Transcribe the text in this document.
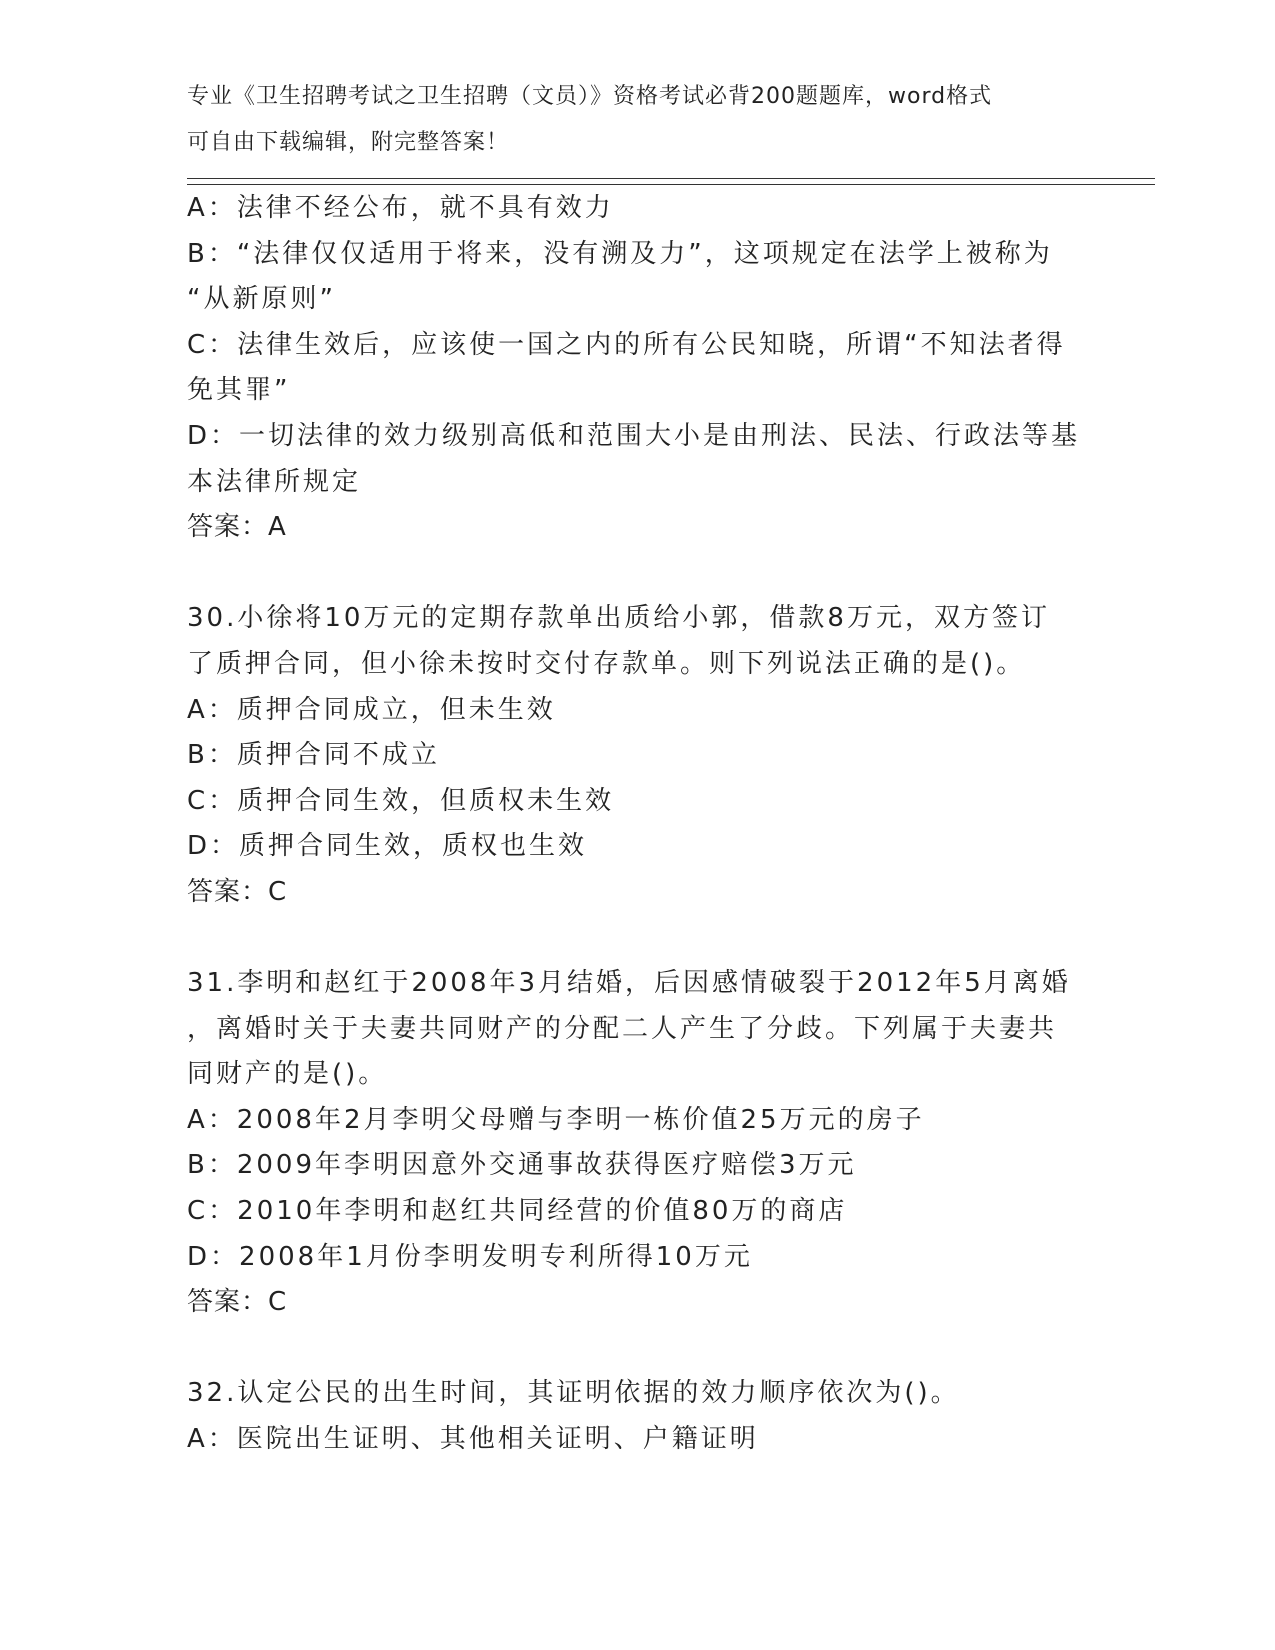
专业《卫生招聘考试之卫生招聘（文员）》资格考试必背200题题库，word格式
可自由下载编辑，附完整答案！
A：法律不经公布，就不具有效力
B：“法律仅仅适用于将来，没有溯及力”，这项规定在法学上被称为
“从新原则”
C：法律生效后，应该使一国之内的所有公民知晓，所谓“不知法者得
免其罪”
D：一切法律的效力级别高低和范围大小是由刑法、民法、行政法等基
本法律所规定
答案：A
30.小徐将10万元的定期存款单出质给小郭，借款8万元，双方签订
了质押合同，但小徐未按时交付存款单。则下列说法正确的是()。
A：质押合同成立，但未生效
B：质押合同不成立
C：质押合同生效，但质权未生效
D：质押合同生效，质权也生效
答案：C
31.李明和赵红于2008年3月结婚，后因感情破裂于2012年5月离婚
，离婚时关于夫妻共同财产的分配二人产生了分歧。下列属于夫妻共
同财产的是()。
A：2008年2月李明父母赠与李明一栋价值25万元的房子
B：2009年李明因意外交通事故获得医疗赔偿3万元
C：2010年李明和赵红共同经营的价值80万的商店
D：2008年1月份李明发明专利所得10万元
答案：C
32.认定公民的出生时间，其证明依据的效力顺序依次为()。
A：医院出生证明、其他相关证明、户籍证明
